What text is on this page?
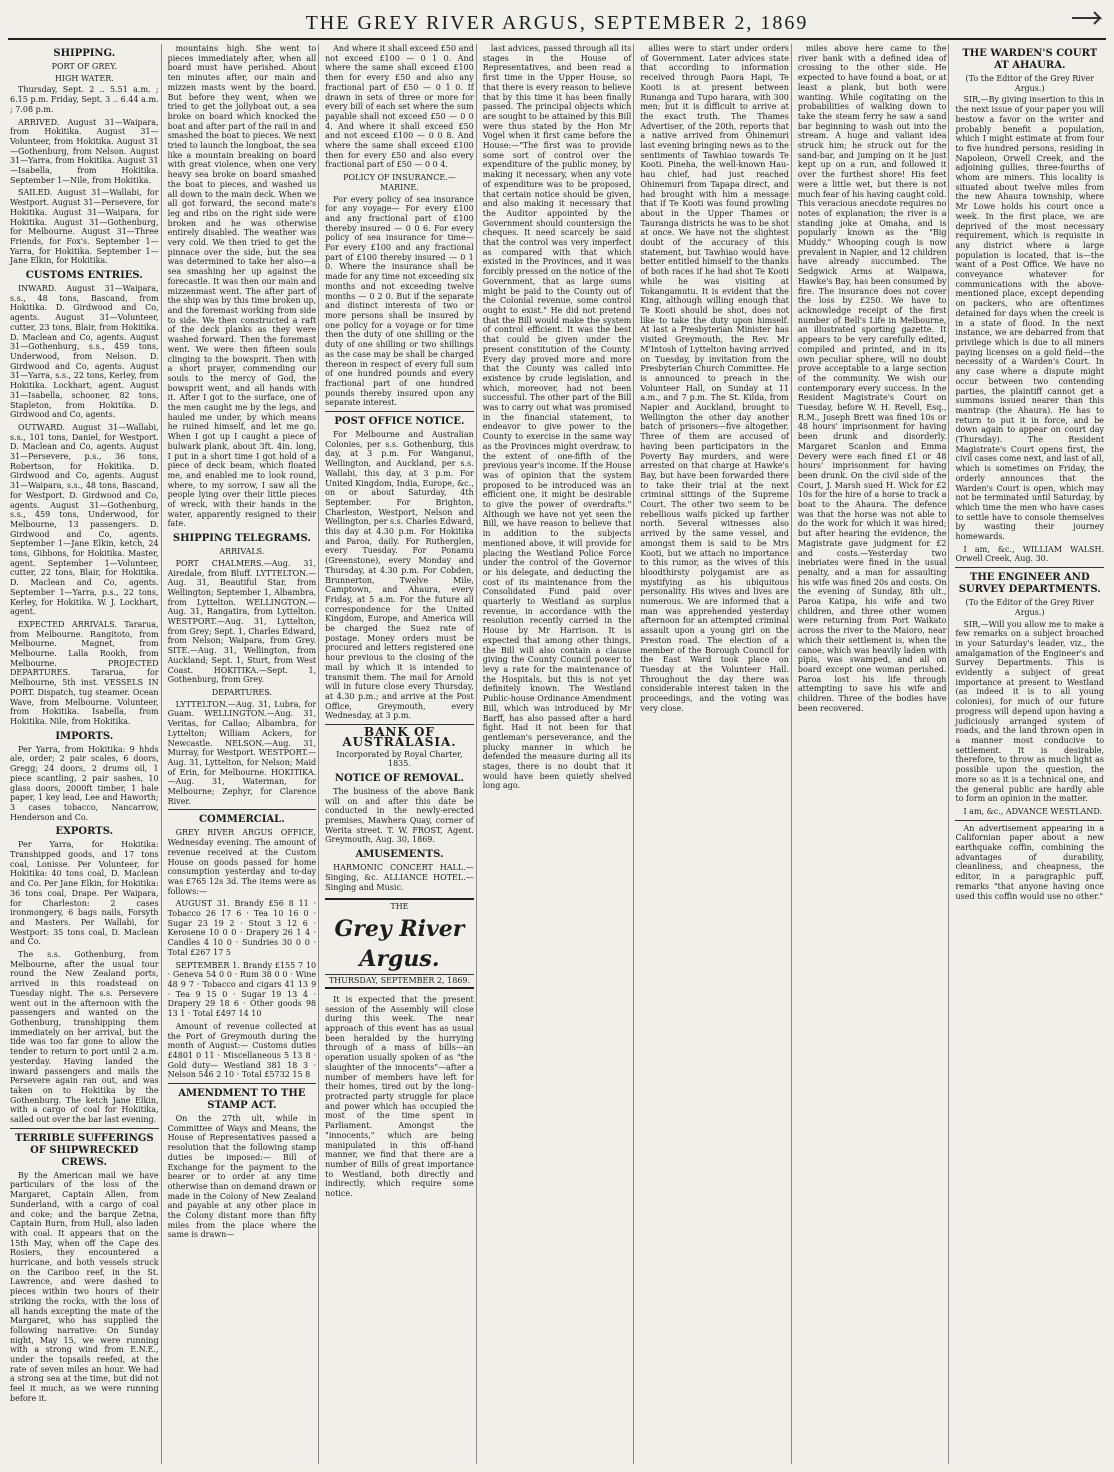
THE GREY RIVER ARGUS, SEPTEMBER 2, 1869
SHIPPING.
PORT OF GREY.
HIGH WATER.

Thursday, Sept. 2 .. 5.51 a.m. ; 6.15 p.m. Friday, Sept. 3 .. 6.44 a.m. ; 7.08 p.m.

ARRIVED. August 31—Waipara, from Hokitika. August 31—Volunteer, from Hokitika. August 31—Gothenburg, from Nelson. August 31—Yarra, from Hokitika. August 31—Isabella, from Hokitika. September 1—Nile, from Hokitika.

SAILED. August 31—Wallabi, for Westport. August 31—Persevere, for Hokitika. August 31—Waipara, for Hokitika. August 31—Gothenburg, for Melbourne. August 31—Three Friends, for Fox's. September 1—Yarra, for Hokitika. September 1—Jane Elkin, for Hokitika.

CUSTOMS ENTRIES.

INWARD. August 31—Waipara, s.s., 48 tons, Bascand, from Hokitika. D. Girdwood and Co, agents. August 31—Volunteer, cutter, 23 tons, Blair, from Hokitika. D. Maclean and Co, agents. August 31—Gothenburg, s.s., 459 tons, Underwood, from Nelson. D. Girdwood and Co, agents. August 31—Yarra, s.s., 22 tons, Kerley, from Hokitika. Lockhart, agent. August 31—Isabella, schooner, 82 tons, Stapleton, from Hokitika. D. Girdwood and Co, agents.

OUTWARD. August 31—Wallabi, s.s., 101 tons, Daniel, for Westport. D. Maclean and Co, agents. August 31—Persevere, p.s., 36 tons, Robertson, for Hokitika. D. Girdwood and Co, agents. August 31—Waipara, s.s., 48 tons, Bascand, for Westport. D. Girdwood and Co, agents. August 31—Gothenburg, s.s., 459 tons, Underwood, for Melbourne, 13 passengers. D. Girdwood and Co, agents. September 1—Jane Elkin, ketch, 24 tons, Gibbons, for Hokitika. Master, agent. September 1—Volunteer, cutter, 22 tons, Blair, for Hokitika. D. Maclean and Co, agents. September 1—Yarra, p.s., 22 tons, Kerley, for Hokitika. W. J. Lockhart, agent.

EXPECTED ARRIVALS. Tararua, from Melbourne. Rangitoto, from Melbourne. Magnet, from Melbourne. Lalla Rookh, from Melbourne. PROJECTED DEPARTURES. Tararua, for Melbourne, 5th inst. VESSELS IN PORT. Dispatch, tug steamer. Ocean Wave, from Melbourne. Volunteer, from Hokitika. Isabella, from Hokitika. Nile, from Hokitika.

IMPORTS.

Per Yarra, from Hokitika: 9 hhds ale, order; 2 pair scales, 6 doors, Gregg; 24 doors, 2 drums oil, 1 piece scantling, 2 pair sashes, 10 glass doors, 2000ft timber, 1 bale paper, 1 key lead, Lee and Haworth; 3 cases tobacco, Nancarrow, Henderson and Co.

EXPORTS.

Per Yarra, for Hokitika: Transhipped goods, and 17 tons coal, Lonisse. Per Volunteer, for Hokitika: 40 tons coal, D. Maclean and Co. Per Jane Elkin, for Hokitika: 36 tons coal, Drape. Per Waipara, for Charleston: 2 cases ironmongery, 6 bags nails, Forsyth and Masters. Per Wallabi, for Westport: 35 tons coal, D. Maclean and Co.

The s.s. Gothenburg, from Melbourne, after the usual tour round the New Zealand ports, arrived in this roadstead on Tuesday night. The s.s. Persevere went out in the afternoon with the passengers and wanted on the Gothenburg, transhipping them immediately on her arrival, but the tide was too far gone to allow the tender to return to port until 2 a.m. yesterday. Having landed the inward passengers and mails the Persevere again ran out, and was taken on to Hokitika by the Gothenburg. The ketch Jane Elkin, with a cargo of coal for Hokitika, sailed out over the bar last evening.

TERRIBLE SUFFERINGS OF SHIPWRECKED CREWS.

By the American mail we have particulars of the loss of the Margaret, Captain Allen, from Sunderland, with a cargo of coal and coke; and the barque Zetna, Captain Burn, from Hull, also laden with coal. It appears that on the 15th May, when off the Cape des Rosiers, they encountered a hurricane, and both vessels struck on the Cariboo reef, in the St. Lawrence, and were dashed to pieces within two hours of their striking the rocks, with the loss of all hands excepting the mate of the Margaret, who has supplied the following narrative: On Sunday night, May 15, we were running with a strong wind from E.N.E., under the topsails reefed, at the rate of seven miles an hour. We had a strong sea at the time, but did not feel it much, as we were running before it.

mountains high. She went to pieces immediately after, when all board must have perished. About ten minutes after, our main and mizzen masts went by the board. But before they went, when we tried to get the jollyboat out, a sea broke on board which knocked the boat and after part of the rail in and smashed the boat to pieces. We next tried to launch the longboat, the sea like a mountain breaking on board with great violence, when one very heavy sea broke on board smashed the boat to pieces, and washed us all down to the main deck. When we all got forward, the second mate's leg and ribs on the right side were broken and he was otherwise entirely disabled. The weather was very cold. We then tried to get the pinnace over the side, but the sea was determined to take her also—a sea smashing her up against the forecastle. It was then our main and mizzenmast went. The after part of the ship was by this time broken up, and the foremast working from side to side. We then constructed a raft of the deck planks as they were washed forward. Then the foremast went. We were then fifteen souls clinging to the bowsprit. Then with a short prayer, commending our souls to the mercy of God, the bowsprit went, and all hands with it. After I got to the surface, one of the men caught me by the legs, and hauled me under, by which means he ruined himself, and let me go. When I got up I caught a piece of bulwark plank, about 3ft. 4in. long, I put in a short time I got hold of a piece of deck beam, which floated me, and enabled me to look round, where, to my sorrow, I saw all the people lying over their little pieces of wreck, with their hands in the water, apparently resigned to their fate.

SHIPPING TELEGRAMS.
ARRIVALS.

PORT CHALMERS.—Aug. 31, Airedale, from Bluff. LYTTELTON.—Aug. 31, Beautiful Star, from Wellington; September 1, Albambra, from Lyttelton. WELLINGTON.—Aug. 31, Rangatira, from Lyttelton. WESTPORT.—Aug. 31, Lyttelton, from Grey; Sept. 1, Charles Edward, from Nelson; Waipara, from Grey. SITE.—Aug. 31, Wellington, from Auckland; Sept. 1, Sturt, from West Coast. HOKITIKA.—Sept. 1, Gothenburg, from Grey.

DEPARTURES.

LYTTELTON.—Aug. 31, Lubra, for Guam. WELLINGTON.—Aug. 31, Veritas, for Callao; Albambra, for Lyttelton; William Ackers, for Newcastle. NELSON.—Aug. 31, Murray, for Westport. WESTPORT.—Aug. 31, Lyttelton, for Nelson; Maid of Erin, for Melbourne. HOKITIKA.—Aug. 31, Waterman, for Melbourne; Zephyr, for Clarence River.

COMMERCIAL.

GREY RIVER ARGUS OFFICE, Wednesday evening. The amount of revenue received at the Custom House on goods passed for home consumption yesterday and to-day was £765 12s 3d. The items were as follows:—

AUGUST 31. Brandy £56 8 11 · Tobacco 26 17 6 · Tea 10 16 0 · Sugar 23 19 2 · Stout 3 12 6 · Kerosene 10 0 0 · Drapery 26 1 4 · Candles 4 10 0 · Sundries 30 0 0 · Total £267 17 5

SEPTEMBER 1. Brandy £155 7 10 · Geneva 54 0 0 · Rum 38 0 0 · Wine 48 9 7 · Tobacco and cigars 41 13 9 · Tea 9 15 0 · Sugar 19 13 4 · Drapery 29 18 6 · Other goods 98 13 1 · Total £497 14 10

Amount of revenue collected at the Port of Greymouth during the month of August:— Customs duties £4801 0 11 · Miscellaneous 5 13 8 · Gold duty— Westland 381 18 3 · Nelson 546 2 10 · Total £5732 15 8

AMENDMENT TO THE STAMP ACT.

On the 27th ult, while in Committee of Ways and Means, the House of Representatives passed a resolution that the following stamp duties be imposed:— Bill of Exchange for the payment to the bearer or to order at any time otherwise than on demand drawn or made in the Colony of New Zealand and payable at any other place in the Colony distant more than fifty miles from the place where the same is drawn—

And where it shall exceed £50 and not exceed £100 — 0 1 0. And where the same shall exceed £100 then for every £50 and also any fractional part of £50 — 0 1 0. If drawn in sets of three or more for every bill of each set where the sum payable shall not exceed £50 — 0 0 4. And where it shall exceed £50 and not exceed £100 — 0 0 8. And where the same shall exceed £100 then for every £50 and also every fractional part of £50 — 0 0 4.

POLICY OF INSURANCE.—MARINE.

For every policy of sea insurance for any voyage— For every £100 and any fractional part of £100 thereby insured — 0 0 6. For every policy of sea insurance for time— For every £100 and any fractional part of £100 thereby insured — 0 1 0. Where the insurance shall be made for any time not exceeding six months and not exceeding twelve months — 0 2 0. But if the separate and distinct interests of two or more persons shall be insured by one policy for a voyage or for time then the duty of one shilling or the duty of one shilling or two shillings as the case may be shall be charged thereon in respect of every full sum of one hundred pounds and every fractional part of one hundred pounds thereby insured upon any separate interest.

POST OFFICE NOTICE.

For Melbourne and Australian Colonies, per s.s. Gothenburg, this day, at 3 p.m. For Wanganui, Wellington, and Auckland, per s.s. Wallabi, this day, at 3 p.m. For United Kingdom, India, Europe, &c., on or about Saturday, 4th September. For Brighton, Charleston, Westport, Nelson and Wellington, per s.s. Charles Edward, this day at 4.30 p.m. For Hokitika and Paroa, daily. For Rutherglen, every Tuesday. For Ponamu (Greenstone), every Monday and Thursday, at 4.30 p.m. For Cobden, Brunnerton, Twelve Mile, Camptown, and Ahaura, every Friday, at 5 a.m. For the future all correspondence for the United Kingdom, Europe, and America will be charged the Suez rate of postage. Money orders must be procured and letters registered one hour previous to the closing of the mail by which it is intended to transmit them. The mail for Arnold will in future close every Thursday, at 4.30 p.m.; and arrive at the Post Office, Greymouth, every Wednesday, at 3 p.m.

BANK OF AUSTRALASIA.
Incorporated by Royal Charter, 1835.
NOTICE OF REMOVAL.

The business of the above Bank will on and after this date be conducted in the newly-erected premises, Mawhera Quay, corner of Werita street. T. W. FROST, Agent. Greymouth, Aug. 30, 1869.

AMUSEMENTS.

HARMONIC CONCERT HALL.—Singing, &c. ALLIANCE HOTEL.—Singing and Music.

THE
Grey River Argus.
THURSDAY, SEPTEMBER 2, 1869.

It is expected that the present session of the Assembly will close during this week. The near approach of this event has as usual been heralded by the hurrying through of a mass of bills—an operation usually spoken of as "the slaughter of the innocents"—after a number of members have left for their homes, tired out by the long-protracted party struggle for place and power which has occupied the most of the time spent in Parliament. Amongst the "innocents," which are being manipulated in this off-hand manner, we find that there are a number of Bills of great importance to Westland, both directly and indirectly, which require some notice.

last advices, passed through all its stages in the House of Representatives, and been read a first time in the Upper House, so that there is every reason to believe that by this time it has been finally passed. The principal objects which are sought to be attained by this Bill were thus stated by the Hon Mr Vogel when it first came before the House:—"The first was to provide some sort of control over the expenditure of the public money, by making it necessary, when any vote of expenditure was to be proposed, that certain notice should be given, and also making it necessary that the Auditor appointed by the Government should countersign the cheques. It need scarcely be said that the control was very imperfect as compared with that which existed in the Provinces, and it was forcibly pressed on the notice of the Government, that as large sums might be paid to the County out of the Colonial revenue, some control ought to exist." He did not pretend that the Bill would make the system of control efficient. It was the best that could be given under the present constitution of the County. Every day proved more and more that the County was called into existence by crude legislation, and which, moreover, had not been successful. The other part of the Bill was to carry out what was promised in the financial statement, to endeavor to give power to the County to exercise in the same way as the Provinces might overdraw, to the extent of one-fifth of the previous year's income. If the House was of opinion that the system proposed to be introduced was an efficient one, it might be desirable to give the power of overdrafts." Although we have not yet seen the Bill, we have reason to believe that in addition to the subjects mentioned above, it will provide for placing the Westland Police Force under the control of the Governor or his delegate, and deducting the cost of its maintenance from the Consolidated Fund paid over quarterly to Westland as surplus revenue, in accordance with the resolution recently carried in the House by Mr Harrison. It is expected that among other things, the Bill will also contain a clause giving the County Council power to levy a rate for the maintenance of the Hospitals, but this is not yet definitely known. The Westland Public-house Ordinance Amendment Bill, which was introduced by Mr Barff, has also passed after a hard fight. Had it not been for that gentleman's perseverance, and the plucky manner in which he defended the measure during all its stages, there is no doubt that it would have been quietly shelved long ago.

allies were to start under orders of Government. Later advices state that according to information received through Paora Hapi, Te Kooti is at present between Runanga and Tupo harara, with 300 men; but it is difficult to arrive at the exact truth. The Thames Advertiser, of the 20th, reports that a native arrived from Ohinemuri last evening bringing news as to the sentiments of Tawhiao towards Te Kooti. Pineha, the well-known Hau-hau chief, had just reached Ohinemuri from Tapapa direct, and had brought with him a message that if Te Kooti was found prowling about in the Upper Thames or Tauranga districts he was to be shot at once. We have not the slightest doubt of the accuracy of this statement, but Tawhiao would have better entitled himself to the thanks of both races if he had shot Te Kooti while he was visiting at Tokangamutu. It is evident that the King, although willing enough that Te Kooti should be shot, does not like to take the duty upon himself. At last a Presbyterian Minister has visited Greymouth, the Rev. Mr M'Intosh of Lyttelton having arrived on Tuesday, by invitation from the Presbyterian Church Committee. He is announced to preach in the Volunteer Hall, on Sunday at 11 a.m., and 7 p.m. The St. Kilda, from Napier and Auckland, brought to Wellington the other day another batch of prisoners—five altogether. Three of them are accused of having been participators in the Poverty Bay murders, and were arrested on that charge at Hawke's Bay, but have been forwarded there to take their trial at the next criminal sittings of the Supreme Court. The other two seem to be rebellious waifs picked up farther north. Several witnesses also arrived by the same vessel, and amongst them is said to be Mrs Kooti, but we attach no importance to this rumor, as the wives of this bloodthirsty polygamist are as mystifying as his ubiquitous personality. His wives and lives are numerous. We are informed that a man was apprehended yesterday afternoon for an attempted criminal assault upon a young girl on the Preston road. The election of a member of the Borough Council for the East Ward took place on Tuesday at the Volunteer Hall. Throughout the day there was considerable interest taken in the proceedings, and the voting was very close.

miles above here came to the river bank with a defined idea of crossing to the other side. He expected to have found a boat, or at least a plank, but both were wanting. While cogitating on the probabilities of walking down to take the steam ferry he saw a sand bar beginning to wash out into the stream. A huge and valiant idea struck him; he struck out for the sand-bar, and jumping on it he just kept up on a run, and followed it over the furthest shore! His feet were a little wet, but there is not much fear of his having caught cold. This veracious anecdote requires no notes of explanation; the river is a standing joke at Omaha, and is popularly known as the "Big Muddy." Whooping cough is now prevalent in Napier, and 12 children have already succumbed. The Sedgwick Arms at Waipawa, Hawke's Bay, has been consumed by fire. The insurance does not cover the loss by £250. We have to acknowledge receipt of the first number of Bell's Life in Melbourne, an illustrated sporting gazette. It appears to be very carefully edited, compiled and printed, and in its own peculiar sphere, will no doubt prove acceptable to a large section of the community. We wish our contemporary every success. In the Resident Magistrate's Court on Tuesday, before W. H. Revell, Esq., R.M., Joseph Brett was fined 10s or 48 hours' imprisonment for having been drunk and disorderly. Margaret Scanlon and Emma Devery were each fined £1 or 48 hours' imprisonment for having been drunk. On the civil side of the Court, J. Marsh sued H. Wick for £2 10s for the hire of a horse to track a boat to the Ahaura. The defence was that the horse was not able to do the work for which it was hired; but after hearing the evidence, the Magistrate gave judgment for £2 and costs.—Yesterday two inebriates were fined in the usual penalty, and a man for assaulting his wife was fined 20s and costs. On the evening of Sunday, 8th ult., Paroa Katipa, his wife and two children, and three other women were returning from Port Waikato across the river to the Maioro, near which their settlement is, when the canoe, which was heavily laden with pipis, was swamped, and all on board except one woman perished. Paroa lost his life through attempting to save his wife and children. Three of the bodies have been recovered.

THE WARDEN'S COURT AT AHAURA.
(To the Editor of the Grey River Argus.)

SIR,—By giving insertion to this in the next issue of your paper you will bestow a favor on the writer and probably benefit a population, which I might estimate at from four to five hundred persons, residing in Napoleon, Orwell Creek, and the adjoining gullies, three-fourths of whom are miners. This locality is situated about twelve miles from the new Ahaura township, where Mr Lowe holds his court once a week. In the first place, we are deprived of the most necessary requirement, which is requisite in any district where a large population is located, that is—the want of a Post Office. We have no conveyance whatever for communications with the above-mentioned place, except depending on packers, who are oftentimes detained for days when the creek is in a state of flood. In the next instance, we are debarred from that privilege which is due to all miners paying licenses on a gold field—the necessity of a Warden's Court. In any case where a dispute might occur between two contending parties, the plaintiff cannot get a summons issued nearer than this mantrap (the Ahaura). He has to return to put it in force, and be down again to appear on court day (Thursday). The Resident Magistrate's Court opens first, the civil cases come next, and last of all, which is sometimes on Friday, the orderly announces that the Warden's Court is open, which may not be terminated until Saturday, by which time the men who have cases to settle have to console themselves by wasting their journey homewards.

I am, &c., WILLIAM WALSH. Orwell Creek, Aug. 30.

THE ENGINEER AND SURVEY DEPARTMENTS.
(To the Editor of the Grey River Argus.)

SIR,—Will you allow me to make a few remarks on a subject broached in your Saturday's leader, viz., the amalgamation of the Engineer's and Survey Departments. This is evidently a subject of great importance at present to Westland (as indeed it is to all young colonies), for much of our future progress will depend upon having a judiciously arranged system of roads, and the land thrown open in a manner most conducive to settlement. It is desirable, therefore, to throw as much light as possible upon the question, the more so as it is a technical one, and the general public are hardly able to form an opinion in the matter.

I am, &c., ADVANCE WESTLAND.

An advertisement appearing in a Californian paper about a new earthquake coffin, combining the advantages of durability, cleanliness, and cheapness, the editor, in a paragraphic puff, remarks "that anyone having once used this coffin would use no other."
